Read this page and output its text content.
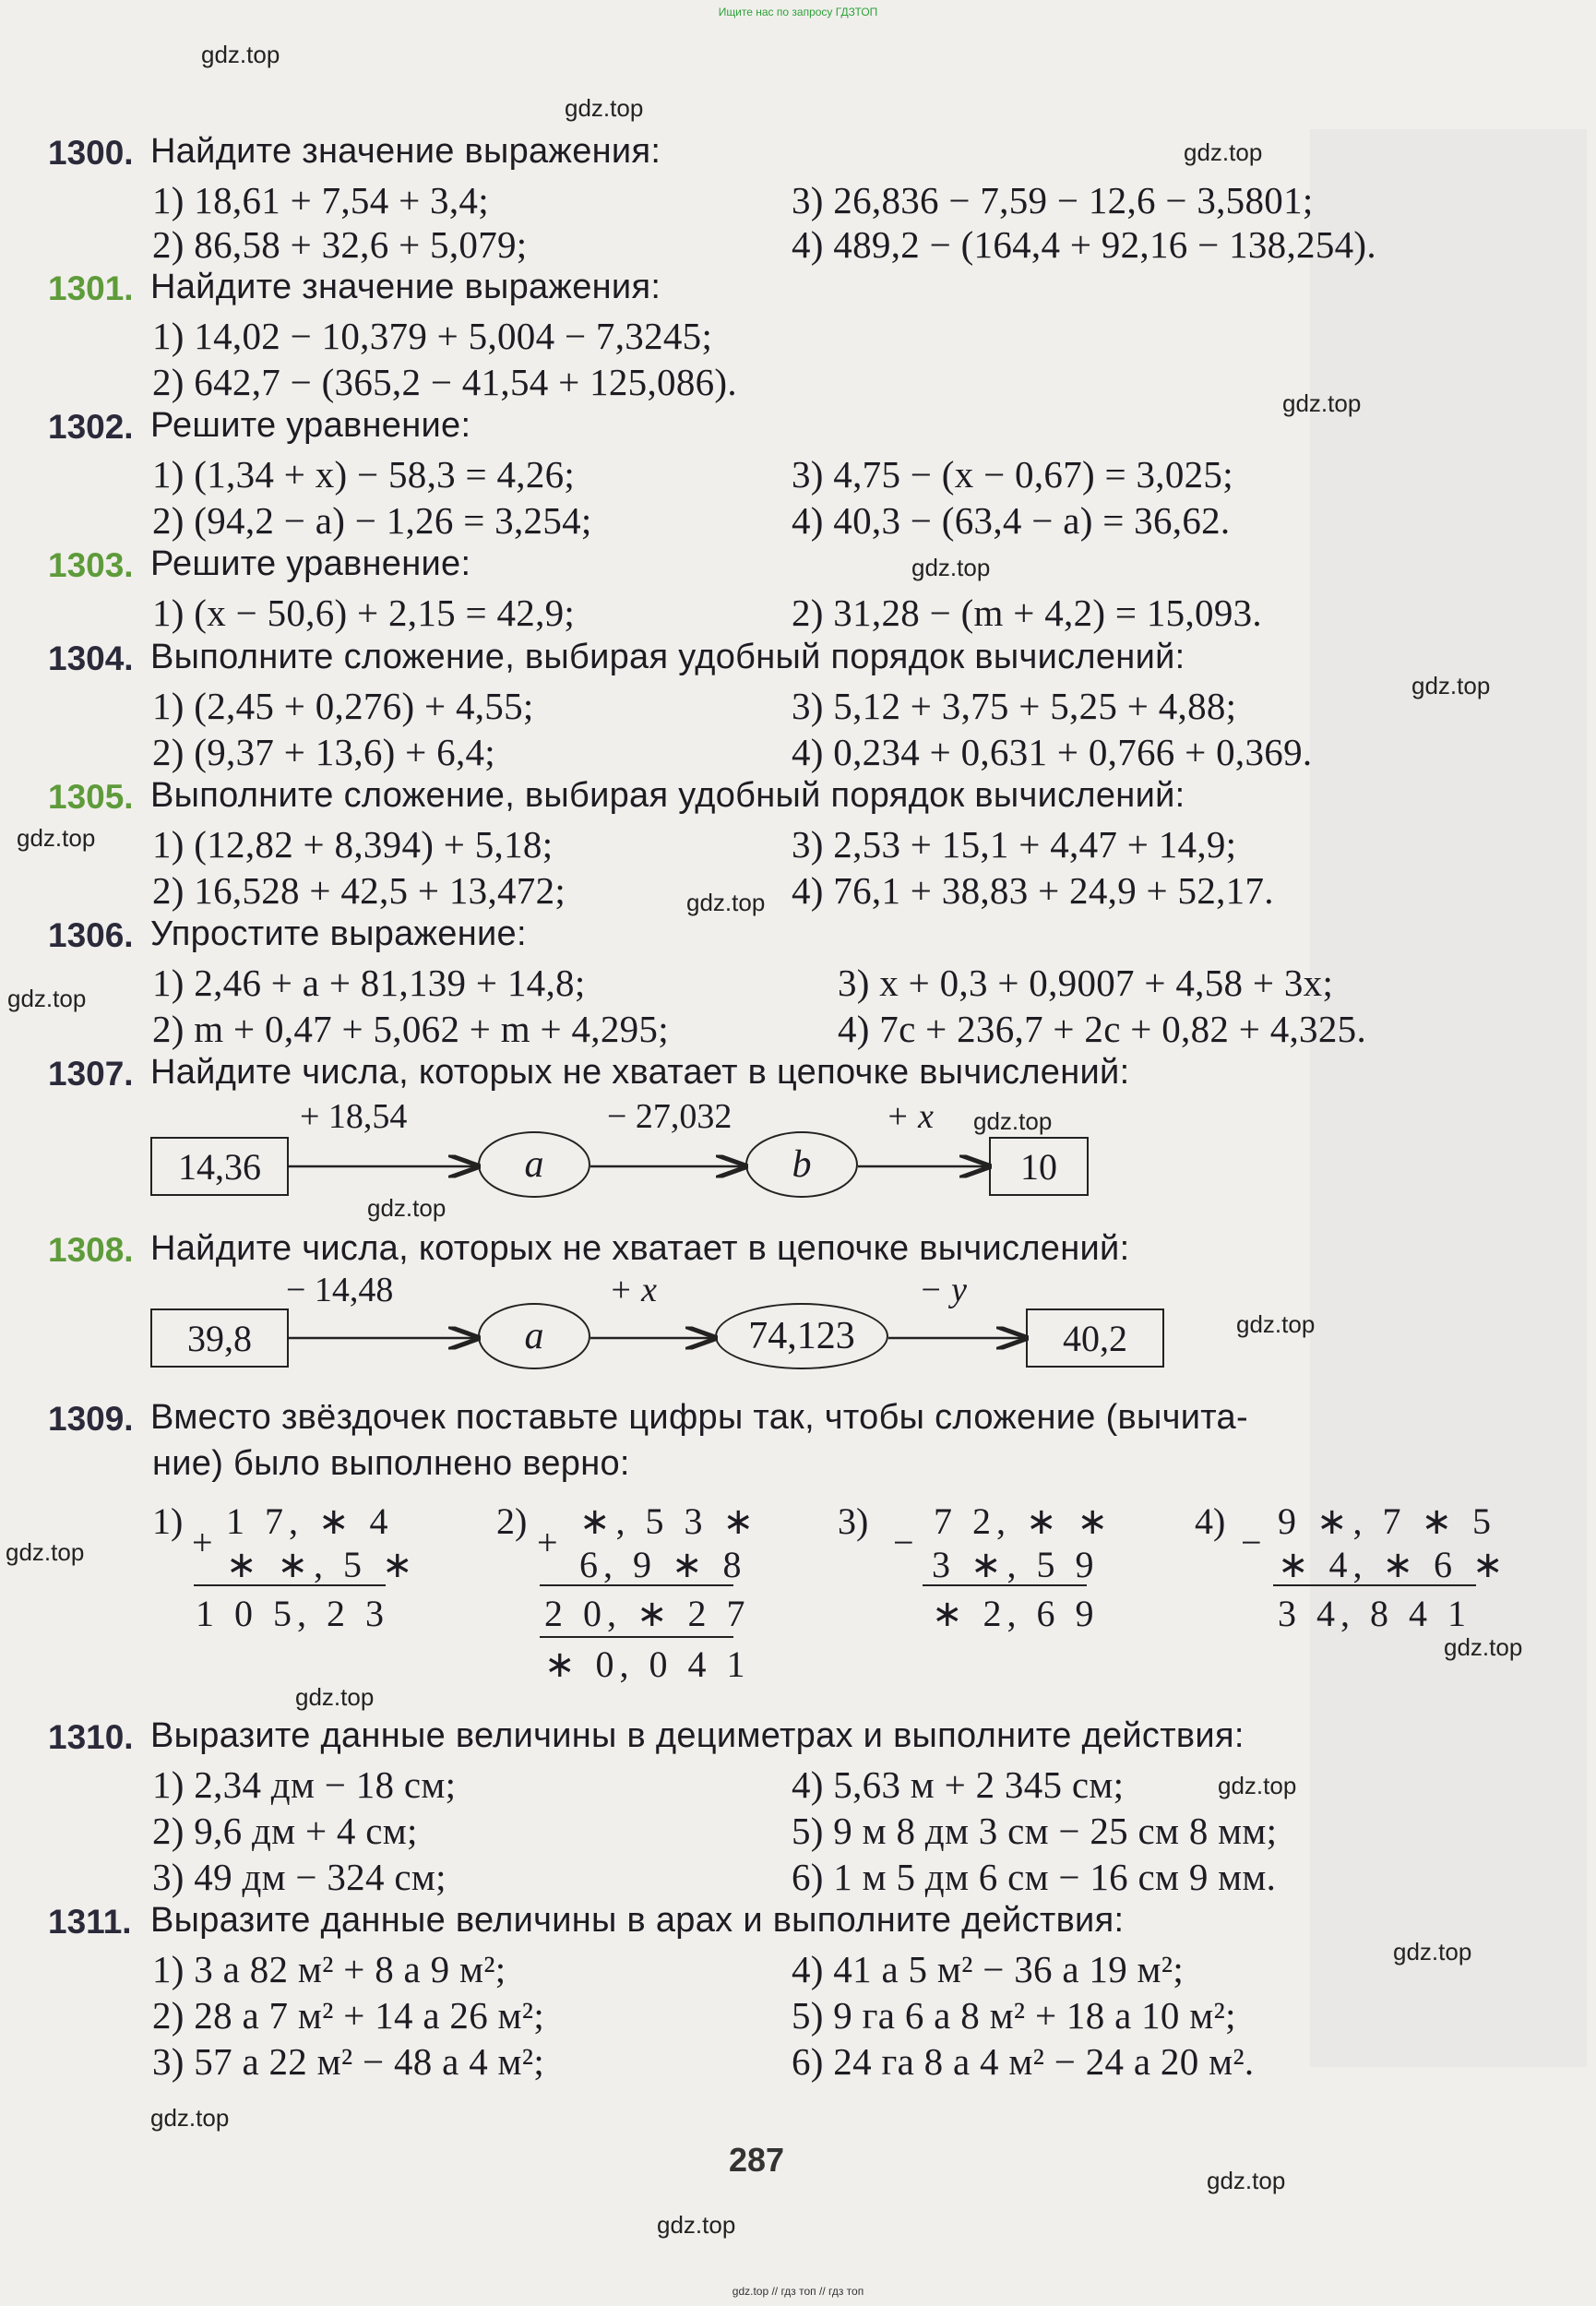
Ищите нас по запросу ГДЗТОП
gdz.top
gdz.top
gdz.top
gdz.top
gdz.top
gdz.top
gdz.top
gdz.top
gdz.top
gdz.top
gdz.top
gdz.top
gdz.top
gdz.top
gdz.top
gdz.top
gdz.top
gdz.top
gdz.top
gdz.top
1300. Найдите значение выражения:
1) 18,61 + 7,54 + 3,4;	3) 26,836 − 7,59 − 12,6 − 3,5801;
2) 86,58 + 32,6 + 5,079;	4) 489,2 − (164,4 + 92,16 − 138,254).
1301. Найдите значение выражения:
1) 14,02 − 10,379 + 5,004 − 7,3245;
2) 642,7 − (365,2 − 41,54 + 125,086).
1302. Решите уравнение:
1) (1,34 + x) − 58,3 = 4,26;	3) 4,75 − (x − 0,67) = 3,025;
2) (94,2 − a) − 1,26 = 3,254;	4) 40,3 − (63,4 − a) = 36,62.
1303. Решите уравнение:
1) (x − 50,6) + 2,15 = 42,9;	2) 31,28 − (m + 4,2) = 15,093.
1304. Выполните сложение, выбирая удобный порядок вычислений:
1) (2,45 + 0,276) + 4,55;	3) 5,12 + 3,75 + 5,25 + 4,88;
2) (9,37 + 13,6) + 6,4;	4) 0,234 + 0,631 + 0,766 + 0,369.
1305. Выполните сложение, выбирая удобный порядок вычислений:
1) (12,82 + 8,394) + 5,18;	3) 2,53 + 15,1 + 4,47 + 14,9;
2) 16,528 + 42,5 + 13,472;	4) 76,1 + 38,83 + 24,9 + 52,17.
1306. Упростите выражение:
1) 2,46 + a + 81,139 + 14,8;	3) x + 0,3 + 0,9007 + 4,58 + 3x;
2) m + 0,47 + 5,062 + m + 4,295;	4) 7c + 236,7 + 2c + 0,82 + 4,325.
1307. Найдите числа, которых не хватает в цепочке вычислений:
14,36
+ 18,54
a
− 27,032
b
+ x
10
1308. Найдите числа, которых не хватает в цепочке вычислений:
39,8
− 14,48
a
+ x
74,123
− y
40,2
1309. Вместо звёздочек поставьте цифры так, чтобы сложение (вычита-
ние) было выполнено верно:
1)
+
1 7, ∗ 4
∗ ∗, 5 ∗
1 0 5, 2 3
2)
+
∗, 5 3 ∗
6, 9 ∗ 8
2 0, ∗ 2 7
∗ 0, 0 4 1
3)
−
7 2, ∗ ∗
3 ∗, 5 9
∗ 2, 6 9
4)
−
9 ∗, 7 ∗ 5
∗ 4, ∗ 6 ∗
3 4, 8 4 1
1310. Выразите данные величины в дециметрах и выполните действия:
1) 2,34 дм − 18 см;	4) 5,63 м + 2 345 см;
2) 9,6 дм + 4 см;	5) 9 м 8 дм 3 см − 25 см 8 мм;
3) 49 дм − 324 см;	6) 1 м 5 дм 6 см − 16 см 9 мм.
1311. Выразите данные величины в арах и выполните действия:
1) 3 а 82 м² + 8 а 9 м²;	4) 41 а 5 м² − 36 а 19 м²;
2) 28 а 7 м² + 14 а 26 м²;	5) 9 га 6 а 8 м² + 18 а 10 м²;
3) 57 а 22 м² − 48 а 4 м²;	6) 24 га 8 а 4 м² − 24 а 20 м².
287
gdz.top // гдз топ // гдз топ
